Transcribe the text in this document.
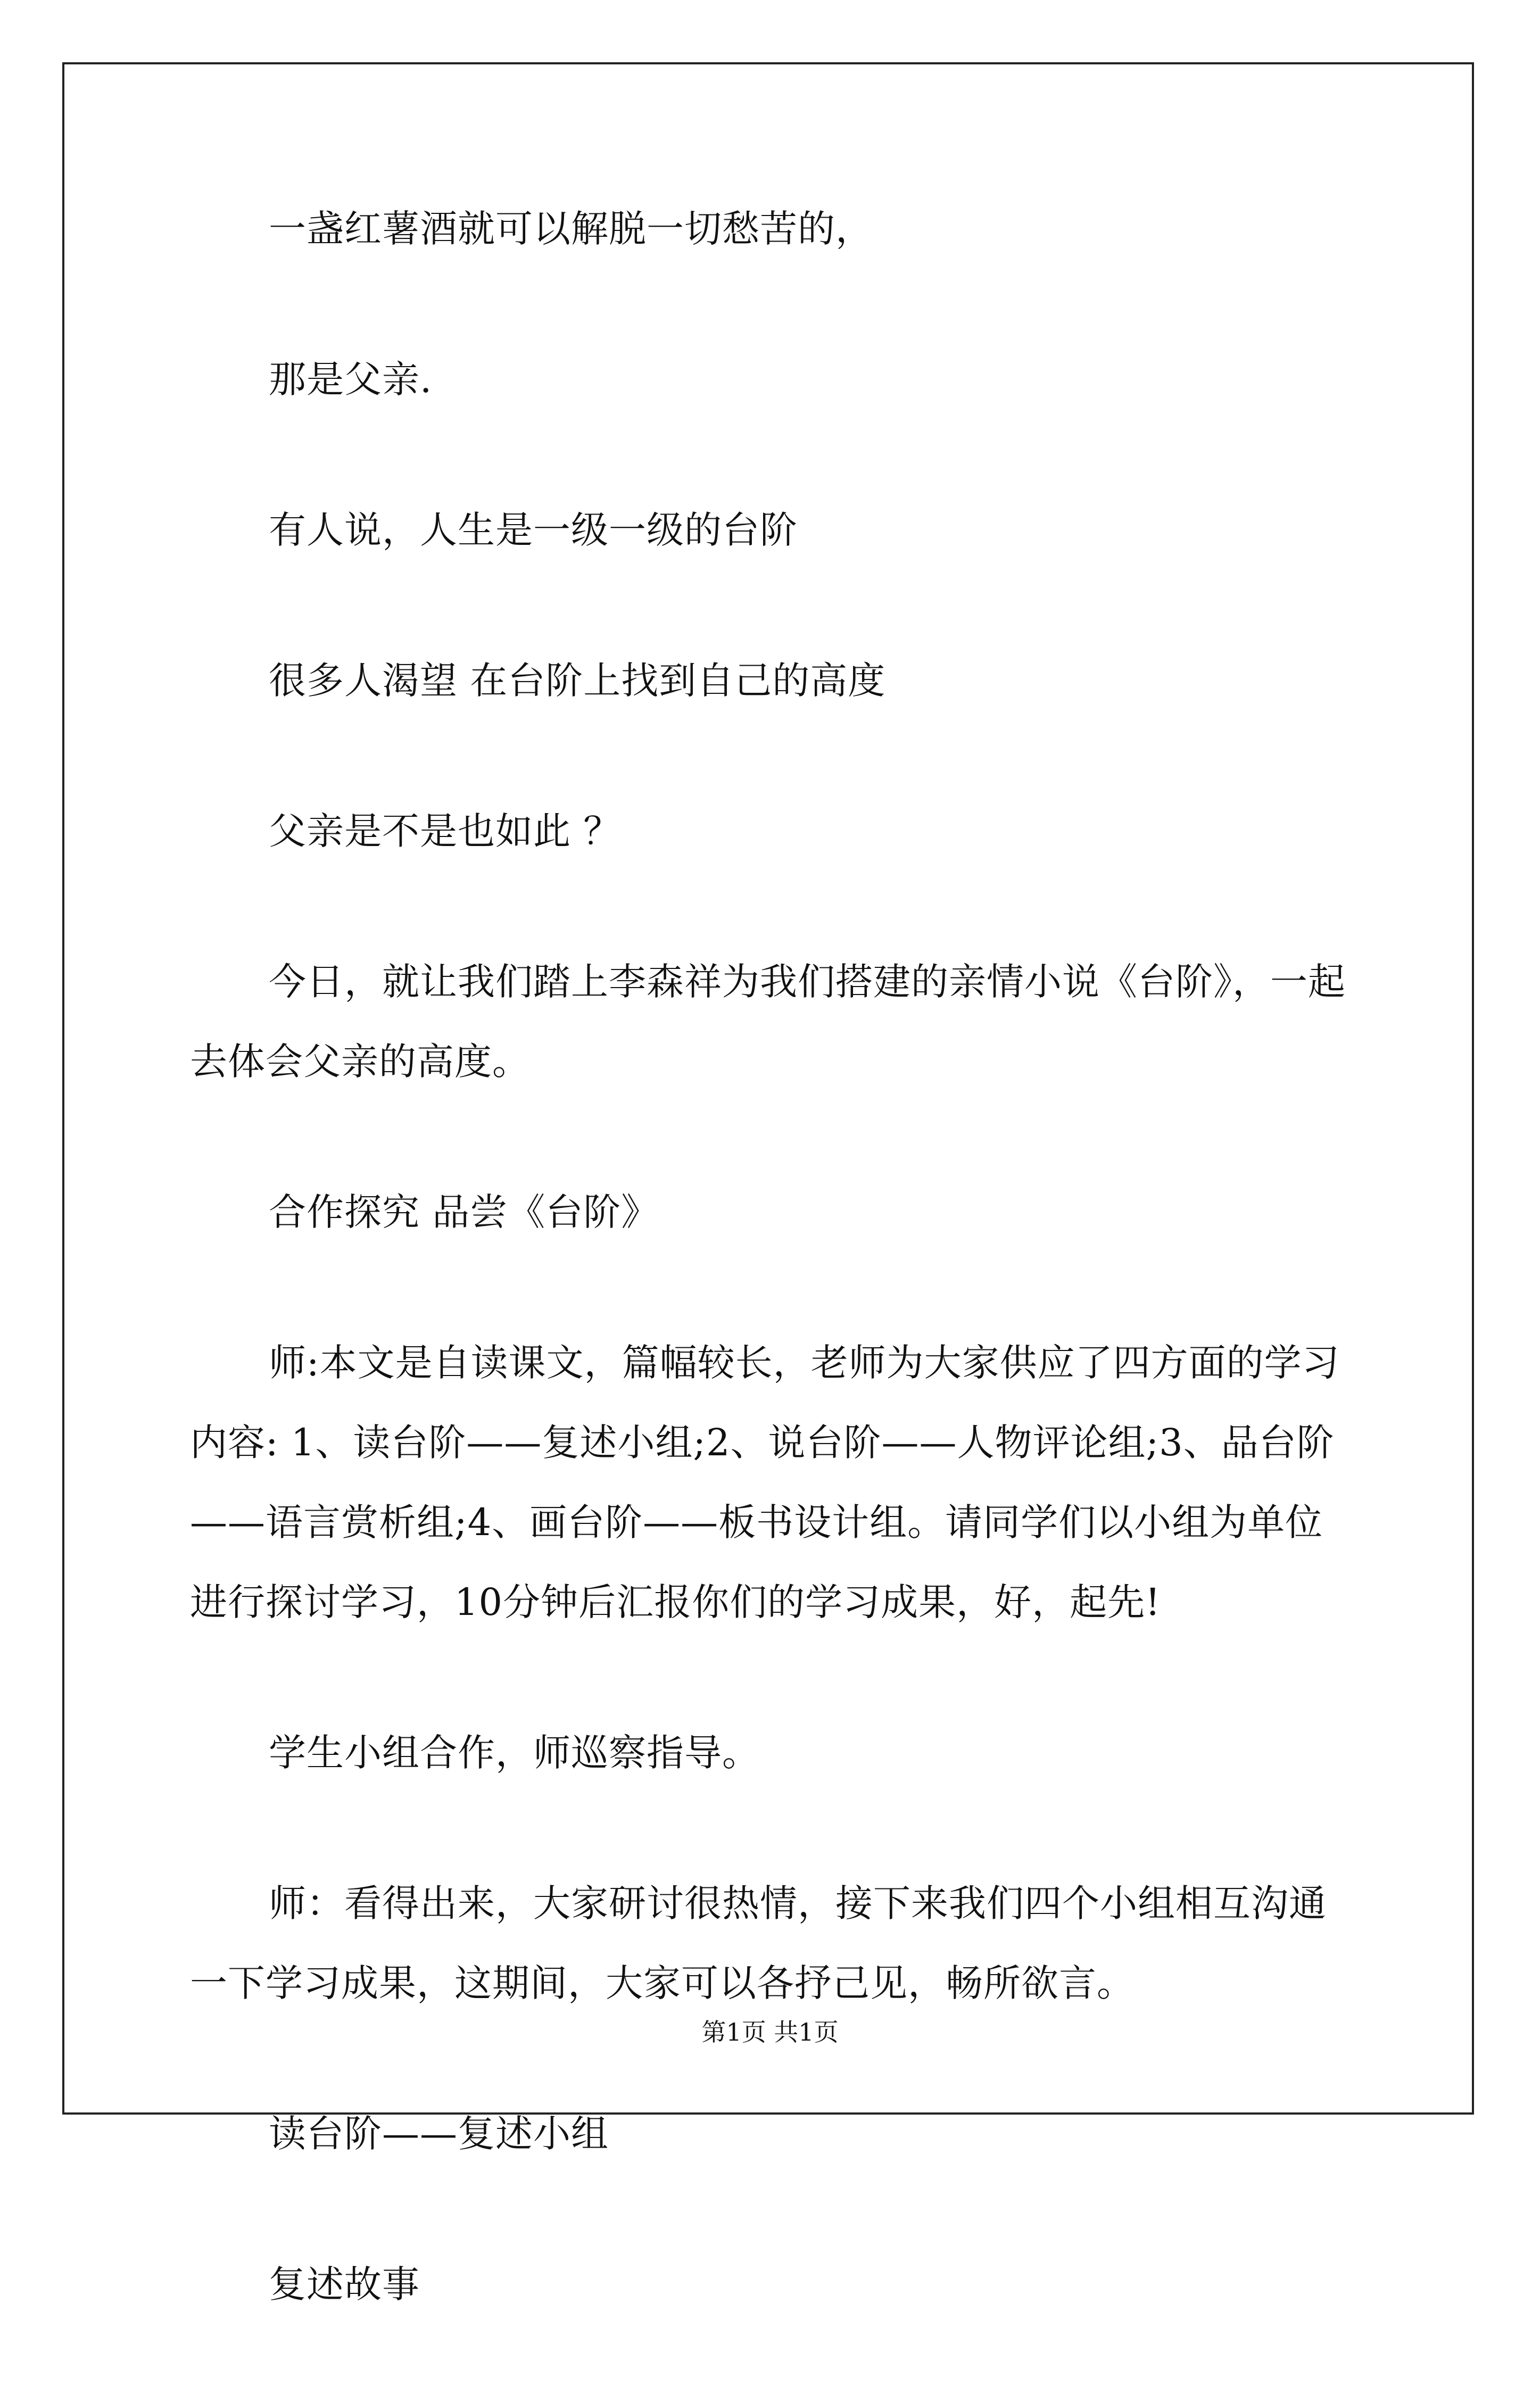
一盏红薯酒就可以解脱一切愁苦的，

那是父亲.

有人说，人生是一级一级的台阶

很多人渴望 在台阶上找到自己的高度

父亲是不是也如此 ？

今日，就让我们踏上李森祥为我们搭建的亲情小说《台阶》，一起去体会父亲的高度。

合作探究 品尝《台阶》

师:本文是自读课文，篇幅较长，老师为大家供应了四方面的学习内容: 1、读台阶——复述小组;2、说台阶——人物评论组;3、品台阶——语言赏析组;4、画台阶——板书设计组。请同学们以小组为单位进行探讨学习，10分钟后汇报你们的学习成果，好，起先!

学生小组合作，师巡察指导。

师：看得出来，大家研讨很热情，接下来我们四个小组相互沟通一下学习成果，这期间，大家可以各抒己见，畅所欲言。

读台阶——复述小组

复述故事

第1页 共1页
